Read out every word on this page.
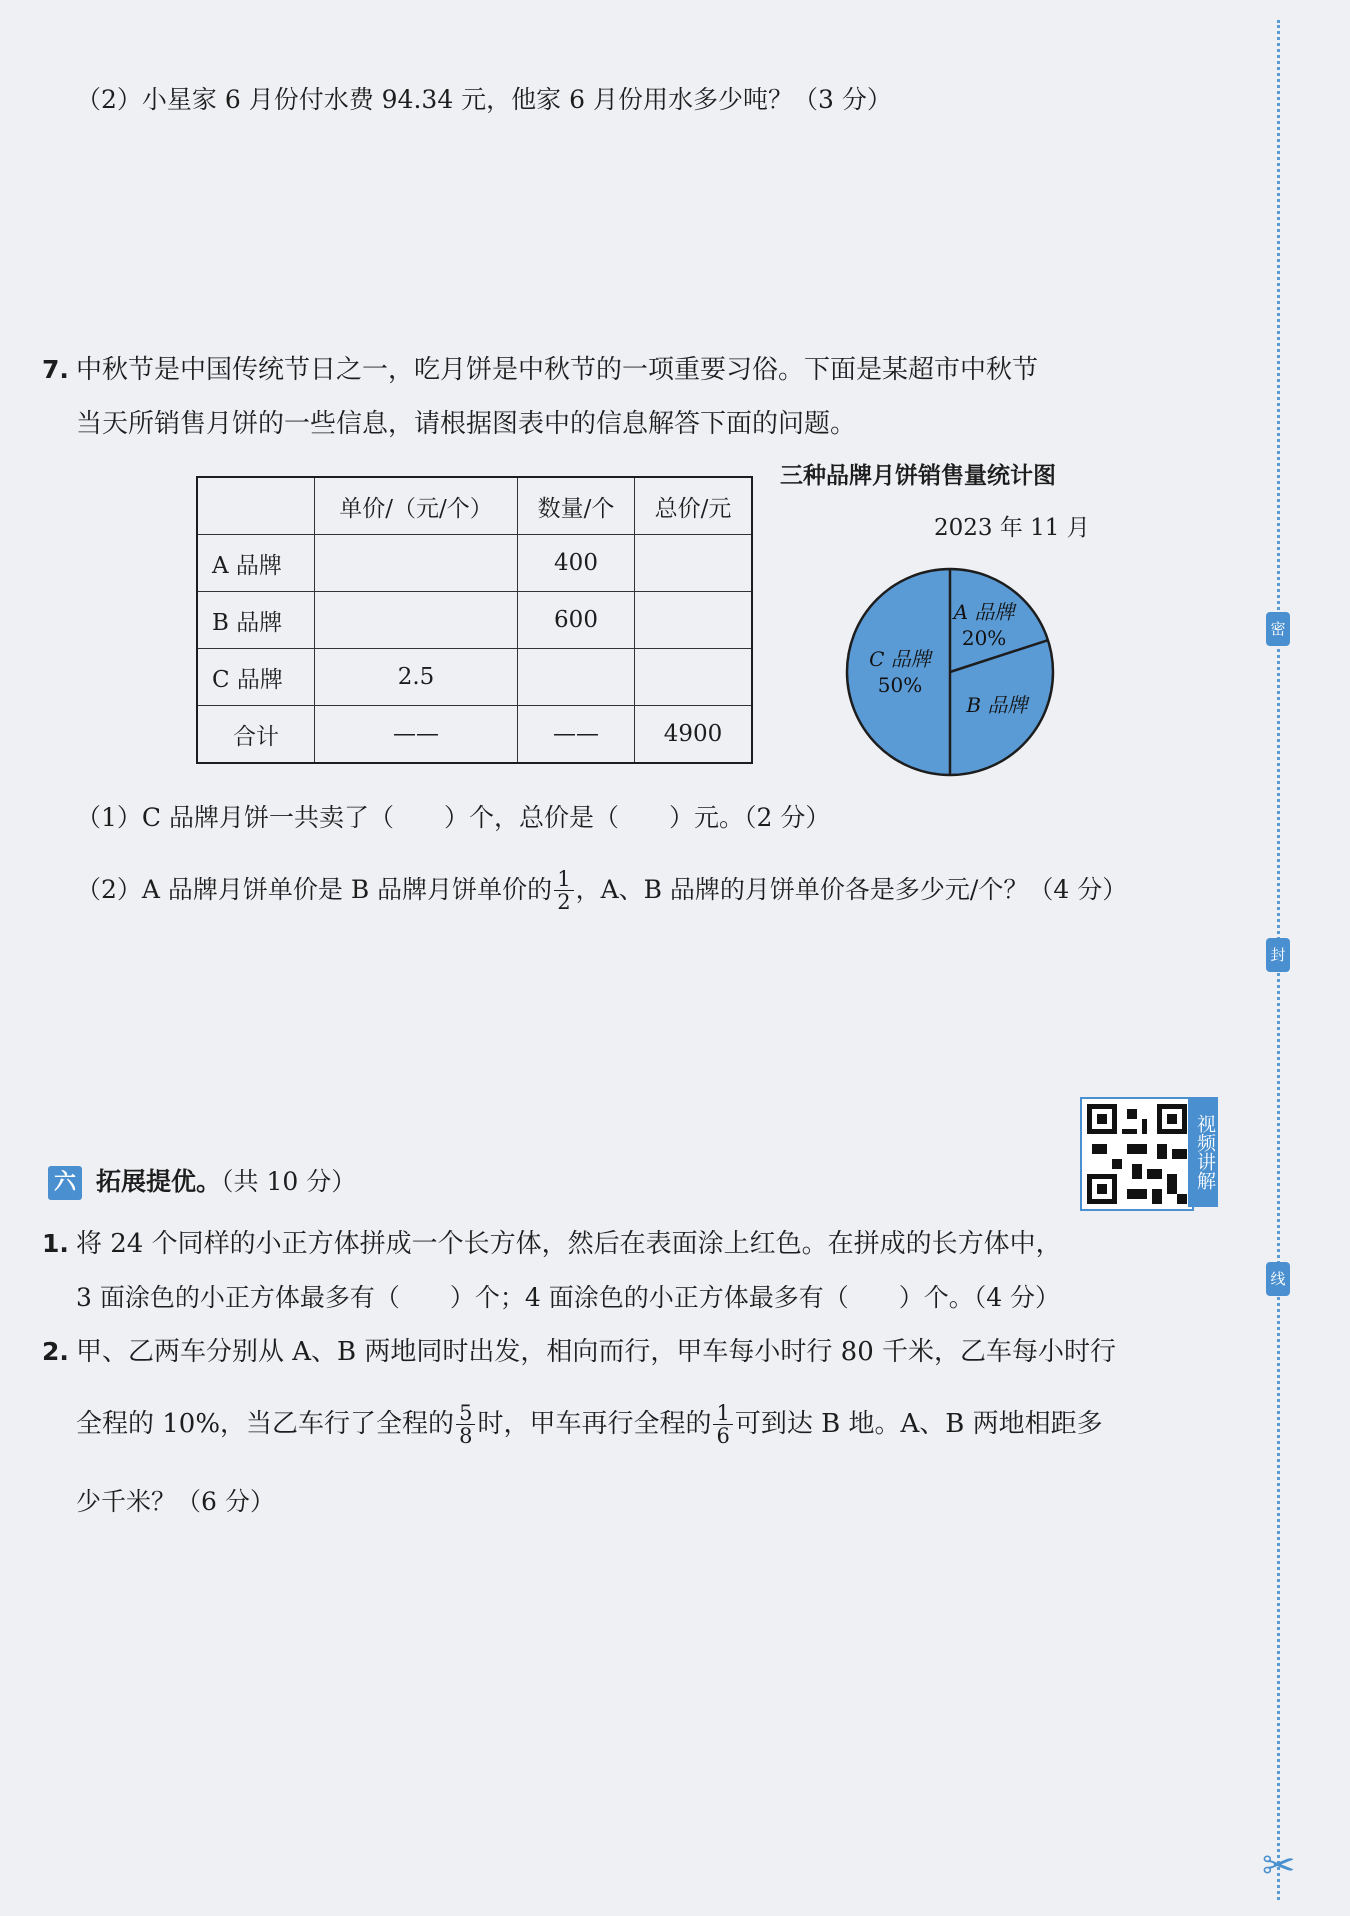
（2）小星家 6 月份付水费 94.34 元，他家 6 月份用水多少吨？（3 分）
7. 中秋节是中国传统节日之一，吃月饼是中秋节的一项重要习俗。下面是某超市中秋节
当天所销售月饼的一些信息，请根据图表中的信息解答下面的问题。
	单价/（元/个）	数量/个	总价/元
A 品牌		400	
B 品牌		600	
C 品牌	2.5		
合计	——	——	4900
三种品牌月饼销售量统计图
2023 年 11 月
A 品牌
20%
B 品牌
C 品牌
50%
（1）C 品牌月饼一共卖了（　　）个，总价是（　　）元。（2 分）
（2）A 品牌月饼单价是 B 品牌月饼单价的 $\frac{1}{2}$ ，A、B 品牌的月饼单价各是多少元/个？（4 分）
六 拓展提优。（共 10 分）	视频讲解
1. 将 24 个同样的小正方体拼成一个长方体，然后在表面涂上红色。在拼成的长方体中，
3 面涂色的小正方体最多有（　　）个；4 面涂色的小正方体最多有（　　）个。（4 分）
2. 甲、乙两车分别从 A、B 两地同时出发，相向而行，甲车每小时行 80 千米，乙车每小时行
全程的 10%，当乙车行了全程的 $\frac{5}{8}$ 时，甲车再行全程的 $\frac{1}{6}$ 可到达 B 地。A、B 两地相距多
少千米？（6 分）
密
封
线
✂
